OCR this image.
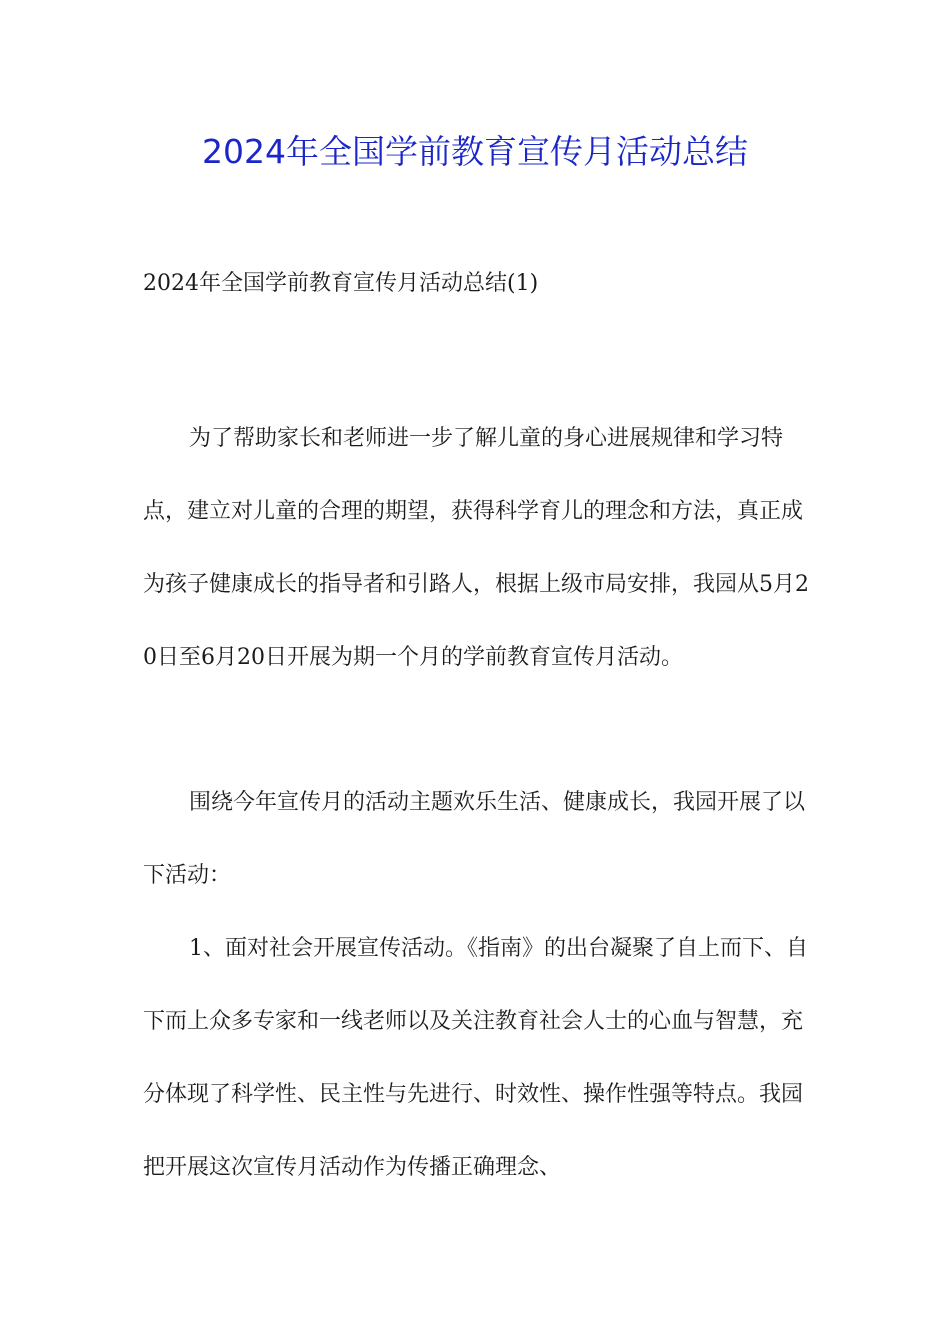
2024年全国学前教育宣传月活动总结

2024年全国学前教育宣传月活动总结(1)

为了帮助家长和老师进一步了解儿童的身心进展规律和学习特点，建立对儿童的合理的期望，获得科学育儿的理念和方法，真正成为孩子健康成长的指导者和引路人，根据上级市局安排，我园从5月20日至6月20日开展为期一个月的学前教育宣传月活动。

围绕今年宣传月的活动主题欢乐生活、健康成长，我园开展了以下活动：

1、面对社会开展宣传活动。《指南》的出台凝聚了自上而下、自下而上众多专家和一线老师以及关注教育社会人士的心血与智慧，充分体现了科学性、民主性与先进行、时效性、操作性强等特点。我园把开展这次宣传月活动作为传播正确理念、
